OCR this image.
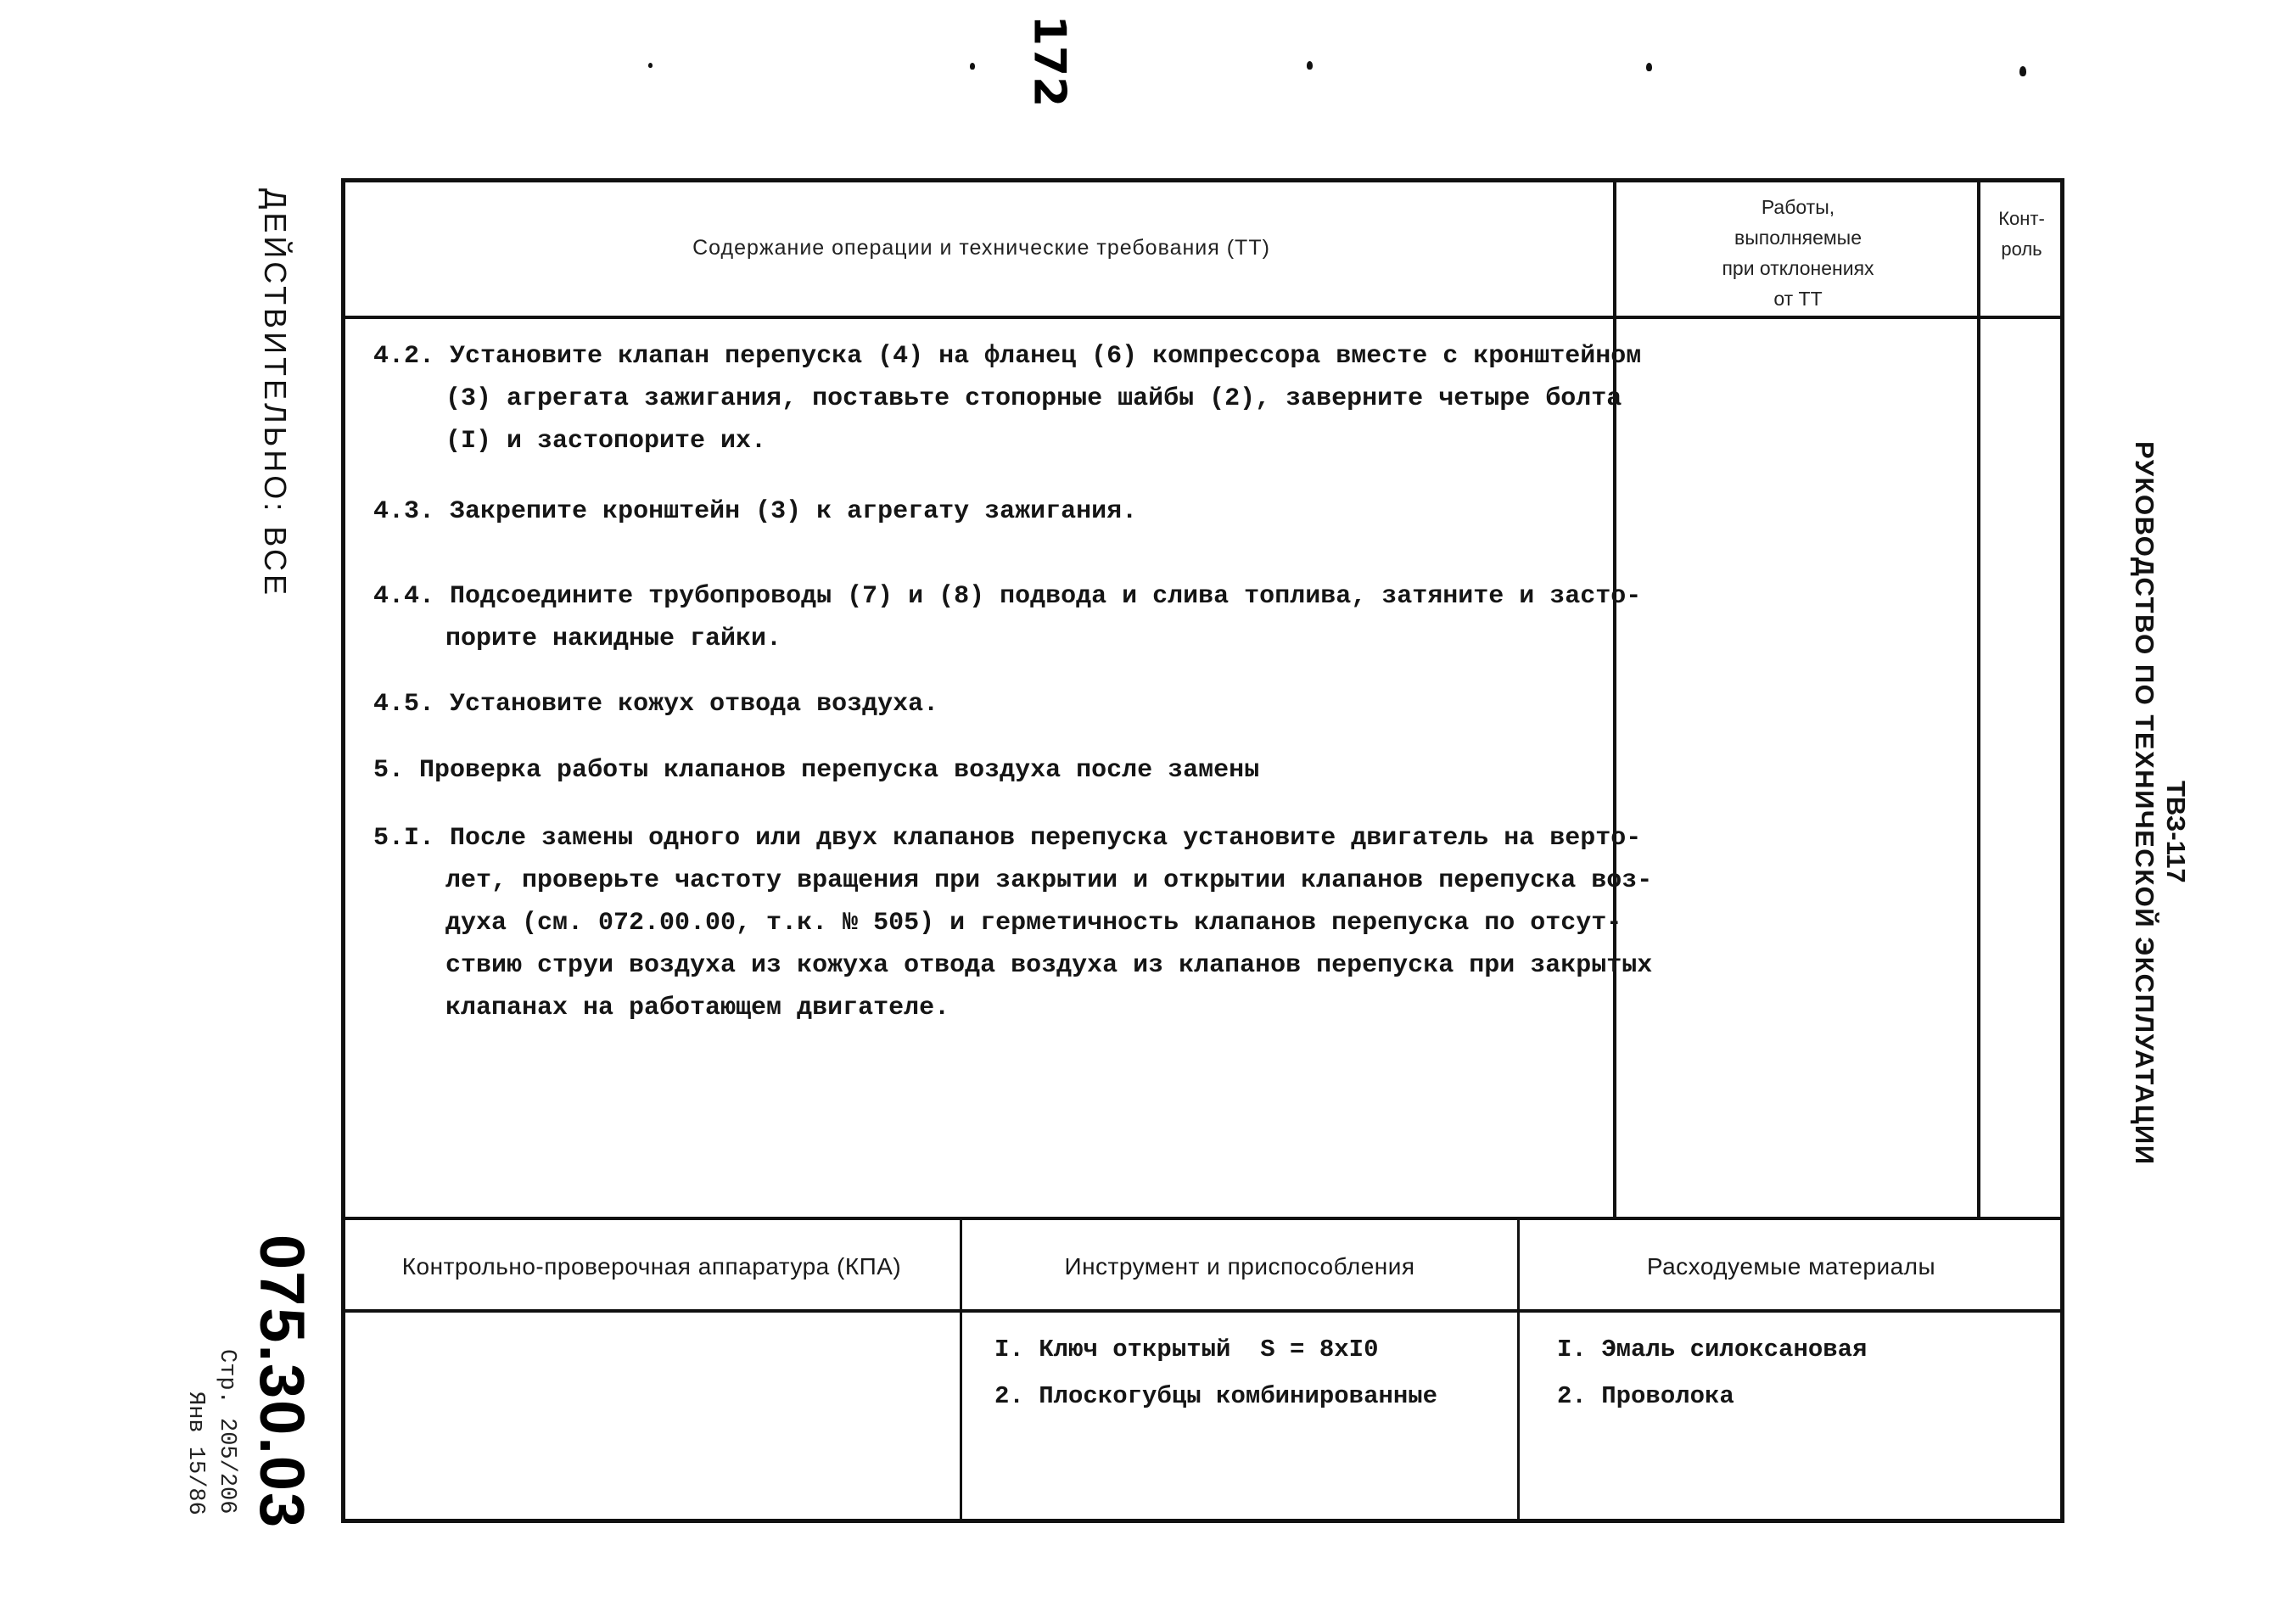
172
ДЕЙСТВИТЕЛЬНО: ВСЕ
075.30.03
Стр. 205/206
Янв 15/86
ТВЗ-117
РУКОВОДСТВО ПО ТЕХНИЧЕСКОЙ ЭКСПЛУАТАЦИИ
Содержание операции и технические требования (ТТ)
Работы,
выполняемые
при отклонениях
от ТТ
Конт-
роль
4.2. Установите клапан перепуска (4) на фланец (6) компрессора вместе с кронштейном
(3) агрегата зажигания, поставьте стопорные шайбы (2), заверните четыре болта
(I) и застопорите их.
4.3. Закрепите кронштейн (3) к агрегату зажигания.
4.4. Подсоедините трубопроводы (7) и (8) подвода и слива топлива, затяните и засто-
порите накидные гайки.
4.5. Установите кожух отвода воздуха.
5. Проверка работы клапанов перепуска воздуха после замены
5.I. После замены одного или двух клапанов перепуска установите двигатель на верто-
лет, проверьте частоту вращения при закрытии и открытии клапанов перепуска воз-
духа (см. 072.00.00, т.к. № 505) и герметичность клапанов перепуска по отсут-
ствию струи воздуха из кожуха отвода воздуха из клапанов перепуска при закрытых
клапанах на работающем двигателе.
Контрольно-проверочная аппаратура (КПА)	Инструмент и приспособления	Расходуемые материалы
I. Ключ открытый  S = 8xI0
2. Плоскогубцы комбинированные
I. Эмаль силоксановая
2. Проволока
